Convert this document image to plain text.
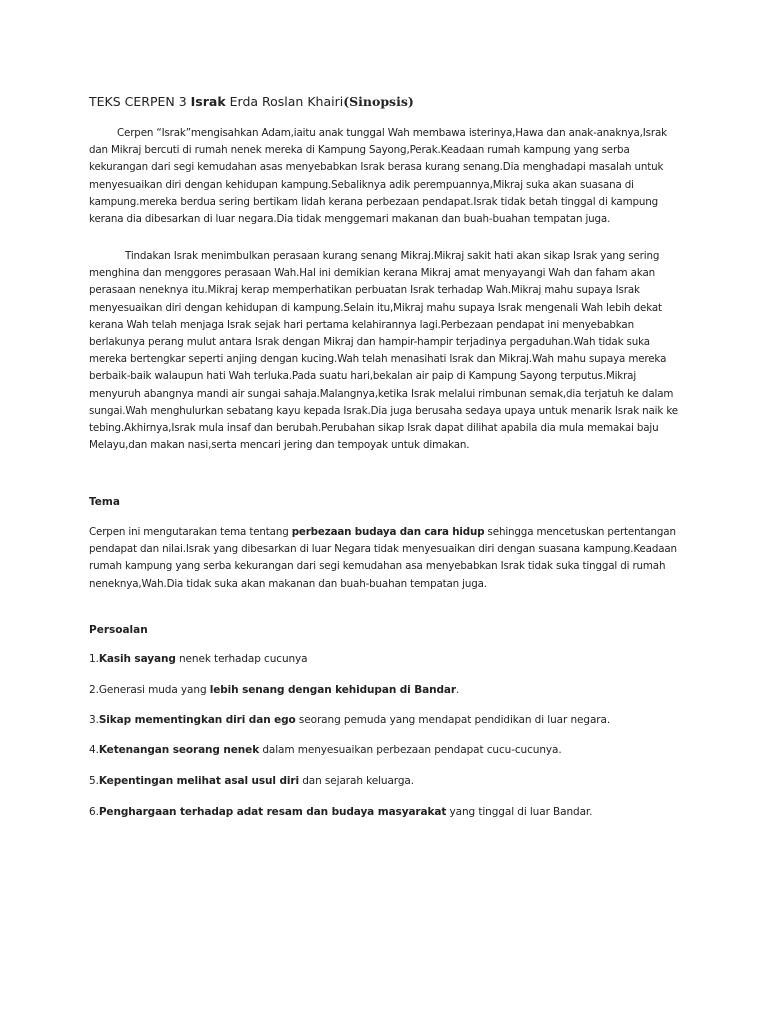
TEKS CERPEN 3 Israk Erda Roslan Khairi(Sinopsis)

Cerpen “Israk”mengisahkan Adam,iaitu anak tunggal Wah membawa isterinya,Hawa dan anak-anaknya,Israk dan Mikraj bercuti di rumah nenek mereka di Kampung Sayong,Perak.Keadaan rumah kampung yang serba kekurangan dari segi kemudahan asas menyebabkan Israk berasa kurang senang.Dia menghadapi masalah untuk menyesuaikan diri dengan kehidupan kampung.Sebaliknya adik perempuannya,Mikraj suka akan suasana di kampung.mereka berdua sering bertikam lidah kerana perbezaan pendapat.Israk tidak betah tinggal di kampung kerana dia dibesarkan di luar negara.Dia tidak menggemari makanan dan buah-buahan tempatan juga.

Tindakan Israk menimbulkan perasaan kurang senang Mikraj.Mikraj sakit hati akan sikap Israk yang sering menghina dan menggores perasaan Wah.Hal ini demikian kerana Mikraj amat menyayangi Wah dan faham akan perasaan neneknya itu.Mikraj kerap memperhatikan perbuatan Israk terhadap Wah.Mikraj mahu supaya Israk menyesuaikan diri dengan kehidupan di kampung.Selain itu,Mikraj mahu supaya Israk mengenali Wah lebih dekat kerana Wah telah menjaga Israk sejak hari pertama kelahirannya lagi.Perbezaan pendapat ini menyebabkan berlakunya perang mulut antara Israk dengan Mikraj dan hampir-hampir terjadinya pergaduhan.Wah tidak suka mereka bertengkar seperti anjing dengan kucing.Wah telah menasihati Israk dan Mikraj.Wah mahu supaya mereka berbaik-baik walaupun hati Wah terluka.Pada suatu hari,bekalan air paip di Kampung Sayong terputus.Mikraj menyuruh abangnya mandi air sungai sahaja.Malangnya,ketika Israk melalui rimbunan semak,dia terjatuh ke dalam sungai.Wah menghulurkan sebatang kayu kepada Israk.Dia juga berusaha sedaya upaya untuk menarik Israk naik ke tebing.Akhirnya,Israk mula insaf dan berubah.Perubahan sikap Israk dapat dilihat apabila dia mula memakai baju Melayu,dan makan nasi,serta mencari jering dan tempoyak untuk dimakan.

Tema

Cerpen ini mengutarakan tema tentang perbezaan budaya dan cara hidup sehingga mencetuskan pertentangan pendapat dan nilai.Israk yang dibesarkan di luar Negara tidak menyesuaikan diri dengan suasana kampung.Keadaan rumah kampung yang serba kekurangan dari segi kemudahan asa menyebabkan Israk tidak suka tinggal di rumah neneknya,Wah.Dia tidak suka akan makanan dan buah-buahan tempatan juga.

Persoalan

1.Kasih sayang nenek terhadap cucunya

2.Generasi muda yang lebih senang dengan kehidupan di Bandar.

3.Sikap mementingkan diri dan ego seorang pemuda yang mendapat pendidikan di luar negara.

4.Ketenangan seorang nenek dalam menyesuaikan perbezaan pendapat cucu-cucunya.

5.Kepentingan melihat asal usul diri dan sejarah keluarga.

6.Penghargaan terhadap adat resam dan budaya masyarakat yang tinggal di luar Bandar.
